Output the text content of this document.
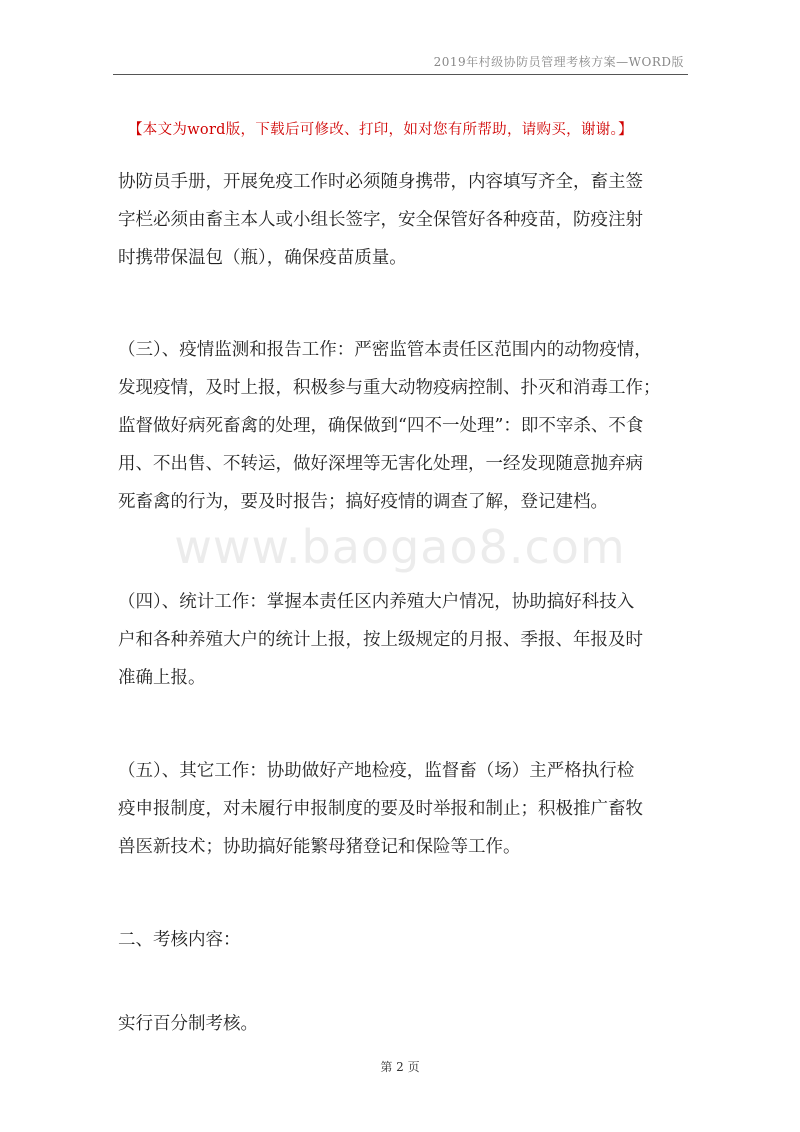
2019年村级协防员管理考核方案—WORD版
【本文为word版，下载后可修改、打印，如对您有所帮助，请购买，谢谢。】
www.baogao8.com

协防员手册，开展免疫工作时必须随身携带，内容填写齐全，畜主签
字栏必须由畜主本人或小组长签字，安全保管好各种疫苗，防疫注射
时携带保温包（瓶），确保疫苗质量。

（三）、疫情监测和报告工作：严密监管本责任区范围内的动物疫情，
发现疫情，及时上报，积极参与重大动物疫病控制、扑灭和消毒工作；
监督做好病死畜禽的处理，确保做到“四不一处理”：即不宰杀、不食
用、不出售、不转运，做好深埋等无害化处理，一经发现随意抛弃病
死畜禽的行为，要及时报告；搞好疫情的调查了解，登记建档。

（四）、统计工作：掌握本责任区内养殖大户情况，协助搞好科技入
户和各种养殖大户的统计上报，按上级规定的月报、季报、年报及时
准确上报。

（五）、其它工作：协助做好产地检疫，监督畜（场）主严格执行检
疫申报制度，对未履行申报制度的要及时举报和制止；积极推广畜牧
兽医新技术；协助搞好能繁母猪登记和保险等工作。

二、考核内容：

实行百分制考核。

第 2 页
